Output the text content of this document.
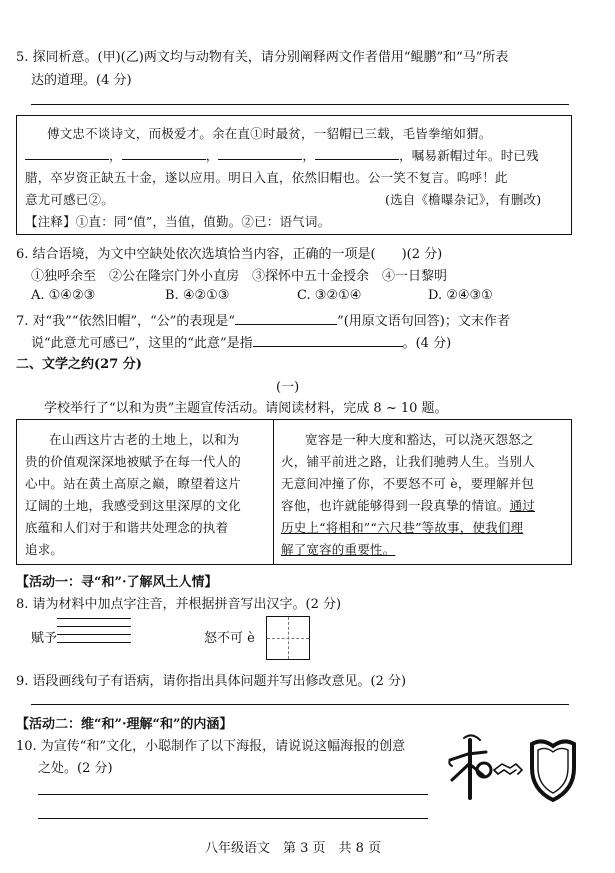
5. 探同析意。(甲)(乙)两文均与动物有关，请分别阐释两文作者借用“鲲鹏”和“马”所表
达的道理。(4 分)
傅文忠不谈诗文，而极爱才。余在直①时最贫，一貂帽已三载，毛皆拳缩如猬。
，	，	，	，嘱易新帽过年。时已残
腊，卒岁资正缺五十金，遂以应用。明日入直，依然旧帽也。公一笑不复言。呜呼！此
意尤可感已②。	(选自《檐曝杂记》，有删改)
【注释】①直：同“值”，当值，值勤。②已：语气词。
6. 结合语境，为文中空缺处依次选填恰当内容，正确的一项是(　　)(2 分)
①独呼余至　②公在隆宗门外小直房　③探怀中五十金授余　④一日黎明
A. ①④②③	B. ④②①③	C. ③②①④	D. ②④③①
7. 对“我”“依然旧帽”，“公”的表现是“	”(用原文语句回答)；文末作者
说“此意尤可感已”，这里的“此意”是指	。(4 分)
二、文学之约(27 分)
(一)
学校举行了“以和为贵”主题宣传活动。请阅读材料，完成 8 ~ 10 题。
在山西这片古老的土地上，以和为
贵的价值观深深地被赋予在每一代人的
心中。站在黄土高原之巅，瞭望着这片
辽阔的土地，我感受到这里深厚的文化
底蕴和人们对于和谐共处理念的执着
追求。
宽容是一种大度和豁达，可以浇灭怨怒之
火，铺平前进之路，让我们驰骋人生。当别人
无意间冲撞了你，不要怒不可 è，要理解并包
容他，也许就能够得到一段真挚的情谊。通过
历史上“将相和”“六尺巷”等故事，使我们理
解了宽容的重要性。
【活动一：寻“和”·了解风土人情】
8. 请为材料中加点字注音，并根据拼音写出汉字。(2 分)
赋予	怒不可 è
9. 语段画线句子有语病，请你指出具体问题并写出修改意见。(2 分)
【活动二：维“和”·理解“和”的内涵】
10. 为宣传“和”文化，小聪制作了以下海报，请说说这幅海报的创意
之处。(2 分)
八年级语文　第 3 页　共 8 页
